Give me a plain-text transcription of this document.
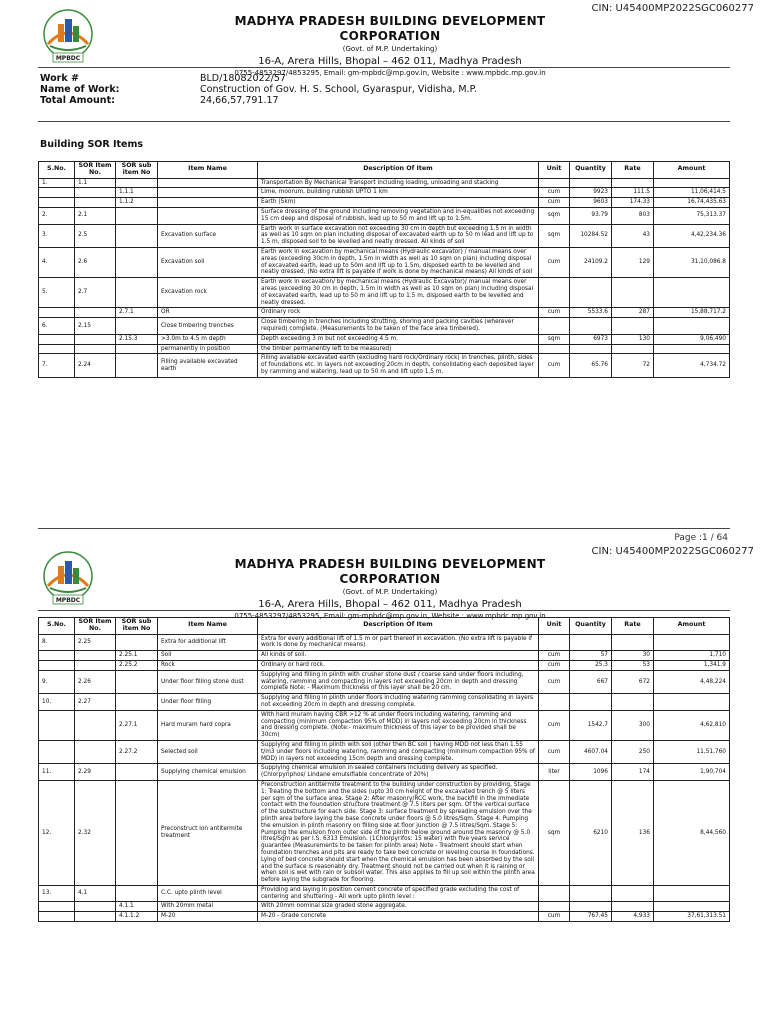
CIN: U45400MP2022SGC060277
MPBDC
MADHYA PRADESH BUILDING DEVELOPMENT CORPORATION
(Govt. of M.P. Undertaking)
16-A, Arera Hills, Bhopal – 462 011, Madhya Pradesh
0755-4853297/4853295, Email: gm-mpbdc@mp.gov.in, Website : www.mpbdc.mp.gov.in
Work #	BLD/18082022/57
Name of Work:	Construction of Gov. H. S. School, Gyaraspur, Vidisha, M.P.
Total Amount:	24,66,57,791.17
Building SOR Items
S.No.	SOR Item No.	SOR sub item No	Item Name	Description Of Item	Unit	Quantity	Rate	Amount
1.	1.1			Transportation By Mechanical Transport including loading, unloading and stacking				
		1.1.1		Lime, moorum, building rubbish UPTO 1 km	cum	9923	111.5	11,06,414.5
		1.1.2		Earth (5km)	cum	9603	174.33	16,74,435.63
2.	2.1			Surface dressing of the ground including removing vegetation and in-equalities not exceeding 15 cm deep and disposal of rubbish, lead up to 50 m and lift up to 1.5m.	sqm	93.79	803	75,313.37
3.	2.5		Excavation surface	Earth work in surface excavation not exceeding 30 cm in depth but exceeding 1.5 m in width as well as 10 sqm on plan including disposal of excavated earth up to 50 m lead and lift up to 1.5 m, disposed soil to be levelled and neatly dressed. All kinds of soil	sqm	10284.52	43	4,42,234.36
4.	2.6		Excavation soil	Earth work in excavation by mechanical means (Hydraulic excavator) / manual means over areas (exceeding 30cm in depth, 1.5m in width as well as 10 sqm on plan) including disposal of excavated earth, lead up to 50m and lift up to 1.5m, disposed earth to be levelled and neatly dressed. (No extra lift is payable if work is done by mechanical means) All kinds of soil	cum	24109.2	129	31,10,086.8
5.	2.7		Excavation rock	Earth work in excavation/ by mechanical means (Hydraulic Excavator)/ manual means over areas (exceeding 30 cm in depth, 1.5m in width as well as 10 sqm on plan) including disposal of excavated earth, lead up to 50 m and lift up to 1.5 m, disposed earth to be levelled and neatly dressed.				
		2.7.1	OR	Ordinary rock	cum	5533.6	287	15,88,717.2
6.	2.15		Close timbering trenches	Close timbering in trenches including strutting, shoring and packing cavities (wherever required) complete. (Measurements to be taken of the face area timbered).				
		2.15.3	>3.0m to 4.5 m depth	Depth exceeding 3 m but not exceeding 4.5 m.	sqm	6973	130	9,06,490
			permanently in position	the timber permanently left to be measured)				
7.	2.24		Filling available excavated earth	Filling available excavated earth (excluding hard rock/Ordinary rock) in trenches, plinth, sides of foundations etc. in layers not exceeding 20cm in depth, consolidating each deposited layer by ramming and watering, lead up to 50 m and lift upto 1.5 m.	cum	65.76	72	4,734.72
Page :1 / 64
CIN: U45400MP2022SGC060277
MPBDC
MADHYA PRADESH BUILDING DEVELOPMENT CORPORATION
(Govt. of M.P. Undertaking)
16-A, Arera Hills, Bhopal – 462 011, Madhya Pradesh
0755-4853297/4853295, Email: gm-mpbdc@mp.gov.in, Website : www.mpbdc.mp.gov.in
S.No.	SOR Item No.	SOR sub item No	Item Name	Description Of Item	Unit	Quantity	Rate	Amount
8.	2.25		Extra for additional lift	Extra for every additional lift of 1.5 m or part thereof in excavation. (No extra lift is payable if work is done by mechanical means)				
		2.25.1	Soil	All kinds of soil.	cum	57	30	1,710
		2.25.2	Rock	Ordinary or hard rock.	cum	25.3	53	1,341.9
9.	2.26		Under floor filling stone dust	Supplying and filling in plinth with crusher stone dust / coarse sand under floors including, watering, ramming and compacting in layers not exceeding 20cm in depth and dressing complete Note: - Maximum thickness of this layer shall be 20 cm.	cum	667	672	4,48,224
10.	2.27		Under floor filling	Supplying and filling in plinth under floors including watering ramming consolidating in layers not exceeding 20cm in depth and dressing complete.				
		2.27.1	Hard muram hard copra	With hard muram having CBR >12 % at under floors including watering, ramming and compacting (minimum compaction 95% of MDD) in layers not exceeding 20cm in thickness and dressing complete. (Note:- maximum thickness of this layer to be provided shall be 30cm)	cum	1542.7	300	4,62,810
		2.27.2	Selected soil	Supplying and filling in plinth with soil (other then BC soil ) having MDD not less than 1.55 t/m3 under floors including watering, ramming and compacting (minimum compaction 95% of MDD) in layers not exceeding 15cm depth and dressing complete.	cum	4607.04	250	11,51,760
11.	2.29		Supplying chemical emulsion	Supplying chemical emulsion in sealed containers including delivery as specified. (Chlorpyriphos/ Lindane emulsifiable concentrate of 20%)	liter	1096	174	1,90,704
12.	2.32		Preconstruct ion antitermite treatment	Preconstruction antitermite treatment to the building under construction by providing, Stage 1: Treating the bottom and the sides (upto 30 cm height of the excavated trench @ 5 liters per sqm of the surface area. Stage 2: After masonry/RCC work, the backfill in the immediate contact with the foundation structure treatment @ 7.5 liters per sqm. Of the vertical surface of the substructure for each side. Stage 3: surface treatment by spreading emulsion over the plinth area before laying the base concrete under floors @ 5.0 litres/Sqm. Stage 4: Pumping the emulsion in plinth masonry on filling side at floor junction @ 7.5 litres/Sqm. Stage 5: Pumping the emulsion from outer side of the plinth below ground around the masonry @ 5.0 litres/Sqm as per I.S. 6313 Emulsion. (1Chlorpyrifos: 15 water) with five years service guarantee (Measurements to be taken for plinth area) Note - Treatment should start when foundation trenches and pits are ready to take bed concrete or leveling course in foundations. Lying of bed concrete should start when the chemical emulsion has been absorbed by the soil and the surface is reasonably dry. Treatment should not be carried out when it is raining or when soil is wet with rain or subsoil water. This also applies to fill up soil within the plinth area before laying the subgrade for flooring.	sqm	6210	136	8,44,560
13.	4.1		C.C. upto plinth level	Providing and laying in position cement concrete of specified grade excluding the cost of centering and shuttering - All work upto plinth level :				
		4.1.1	With 20mm metal	With 20mm nominal size graded stone aggregate.				
		4.1.1.2	M-20	M-20 - Grade concrete	cum	767.45	4,933	37,61,313.51
